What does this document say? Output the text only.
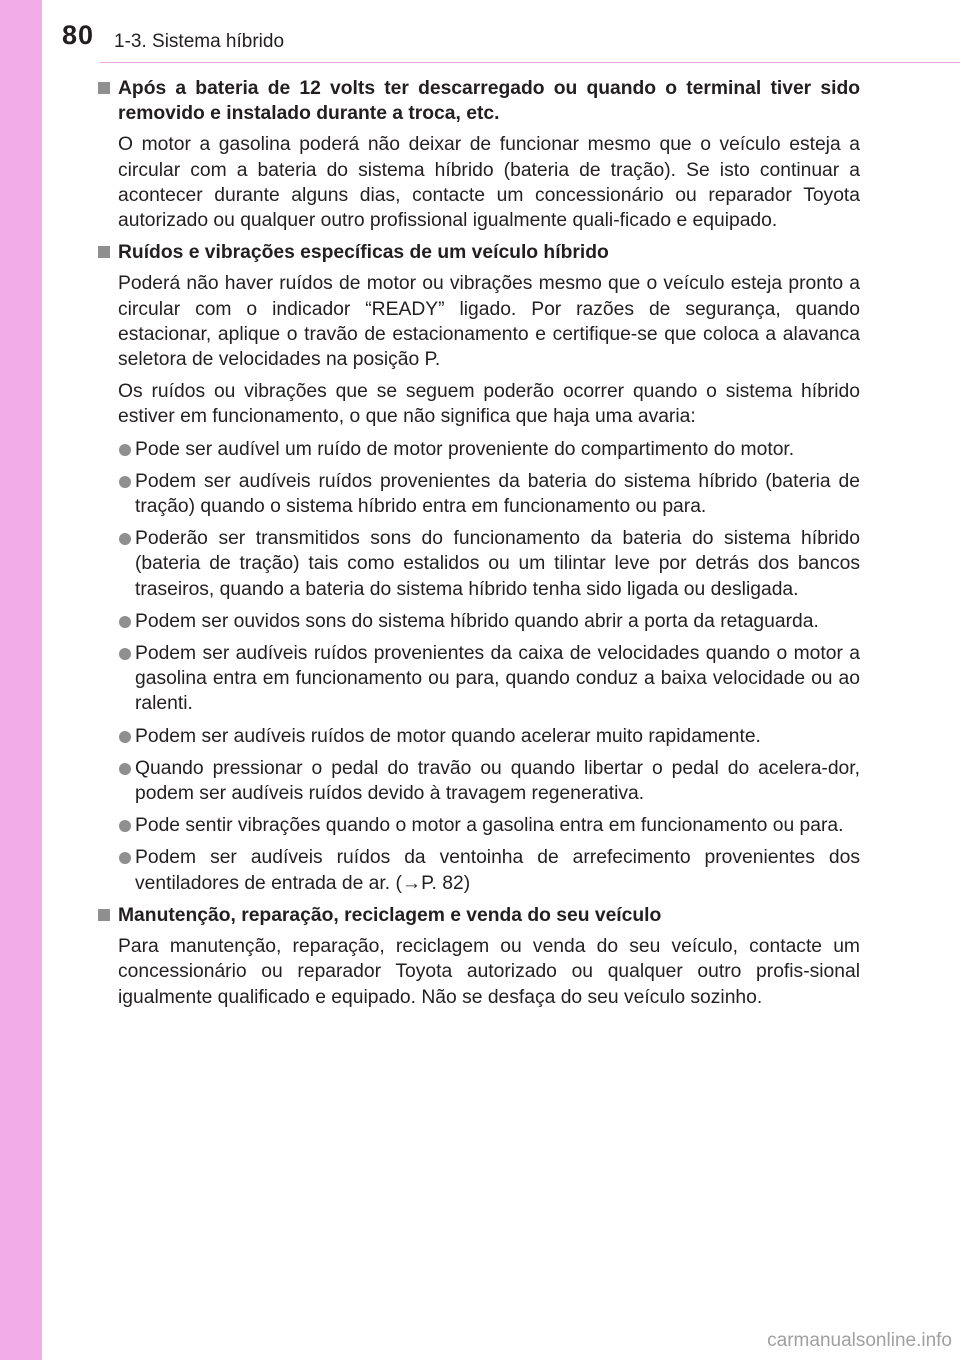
80 1-3. Sistema híbrido
Após a bateria de 12 volts ter descarregado ou quando o terminal tiver sido removido e instalado durante a troca, etc.
O motor a gasolina poderá não deixar de funcionar mesmo que o veículo esteja a circular com a bateria do sistema híbrido (bateria de tração). Se isto continuar a acontecer durante alguns dias, contacte um concessionário ou reparador Toyota autorizado ou qualquer outro profissional igualmente quali-ficado e equipado.
Ruídos e vibrações específicas de um veículo híbrido
Poderá não haver ruídos de motor ou vibrações mesmo que o veículo esteja pronto a circular com o indicador “READY” ligado. Por razões de segurança, quando estacionar, aplique o travão de estacionamento e certifique-se que coloca a alavanca seletora de velocidades na posição P.
Os ruídos ou vibrações que se seguem poderão ocorrer quando o sistema híbrido estiver em funcionamento, o que não significa que haja uma avaria:
Pode ser audível um ruído de motor proveniente do compartimento do motor.
Podem ser audíveis ruídos provenientes da bateria do sistema híbrido (bateria de tração) quando o sistema híbrido entra em funcionamento ou para.
Poderão ser transmitidos sons do funcionamento da bateria do sistema híbrido (bateria de tração) tais como estalidos ou um tilintar leve por detrás dos bancos traseiros, quando a bateria do sistema híbrido tenha sido ligada ou desligada.
Podem ser ouvidos sons do sistema híbrido quando abrir a porta da retaguarda.
Podem ser audíveis ruídos provenientes da caixa de velocidades quando o motor a gasolina entra em funcionamento ou para, quando conduz a baixa velocidade ou ao ralenti.
Podem ser audíveis ruídos de motor quando acelerar muito rapidamente.
Quando pressionar o pedal do travão ou quando libertar o pedal do acelera-dor, podem ser audíveis ruídos devido à travagem regenerativa.
Pode sentir vibrações quando o motor a gasolina entra em funcionamento ou para.
Podem ser audíveis ruídos da ventoinha de arrefecimento provenientes dos ventiladores de entrada de ar. (→P. 82)
Manutenção, reparação, reciclagem e venda do seu veículo
Para manutenção, reparação, reciclagem ou venda do seu veículo, contacte um concessionário ou reparador Toyota autorizado ou qualquer outro profis-sional igualmente qualificado e equipado. Não se desfaça do seu veículo sozinho.
carmanualsonline.info
